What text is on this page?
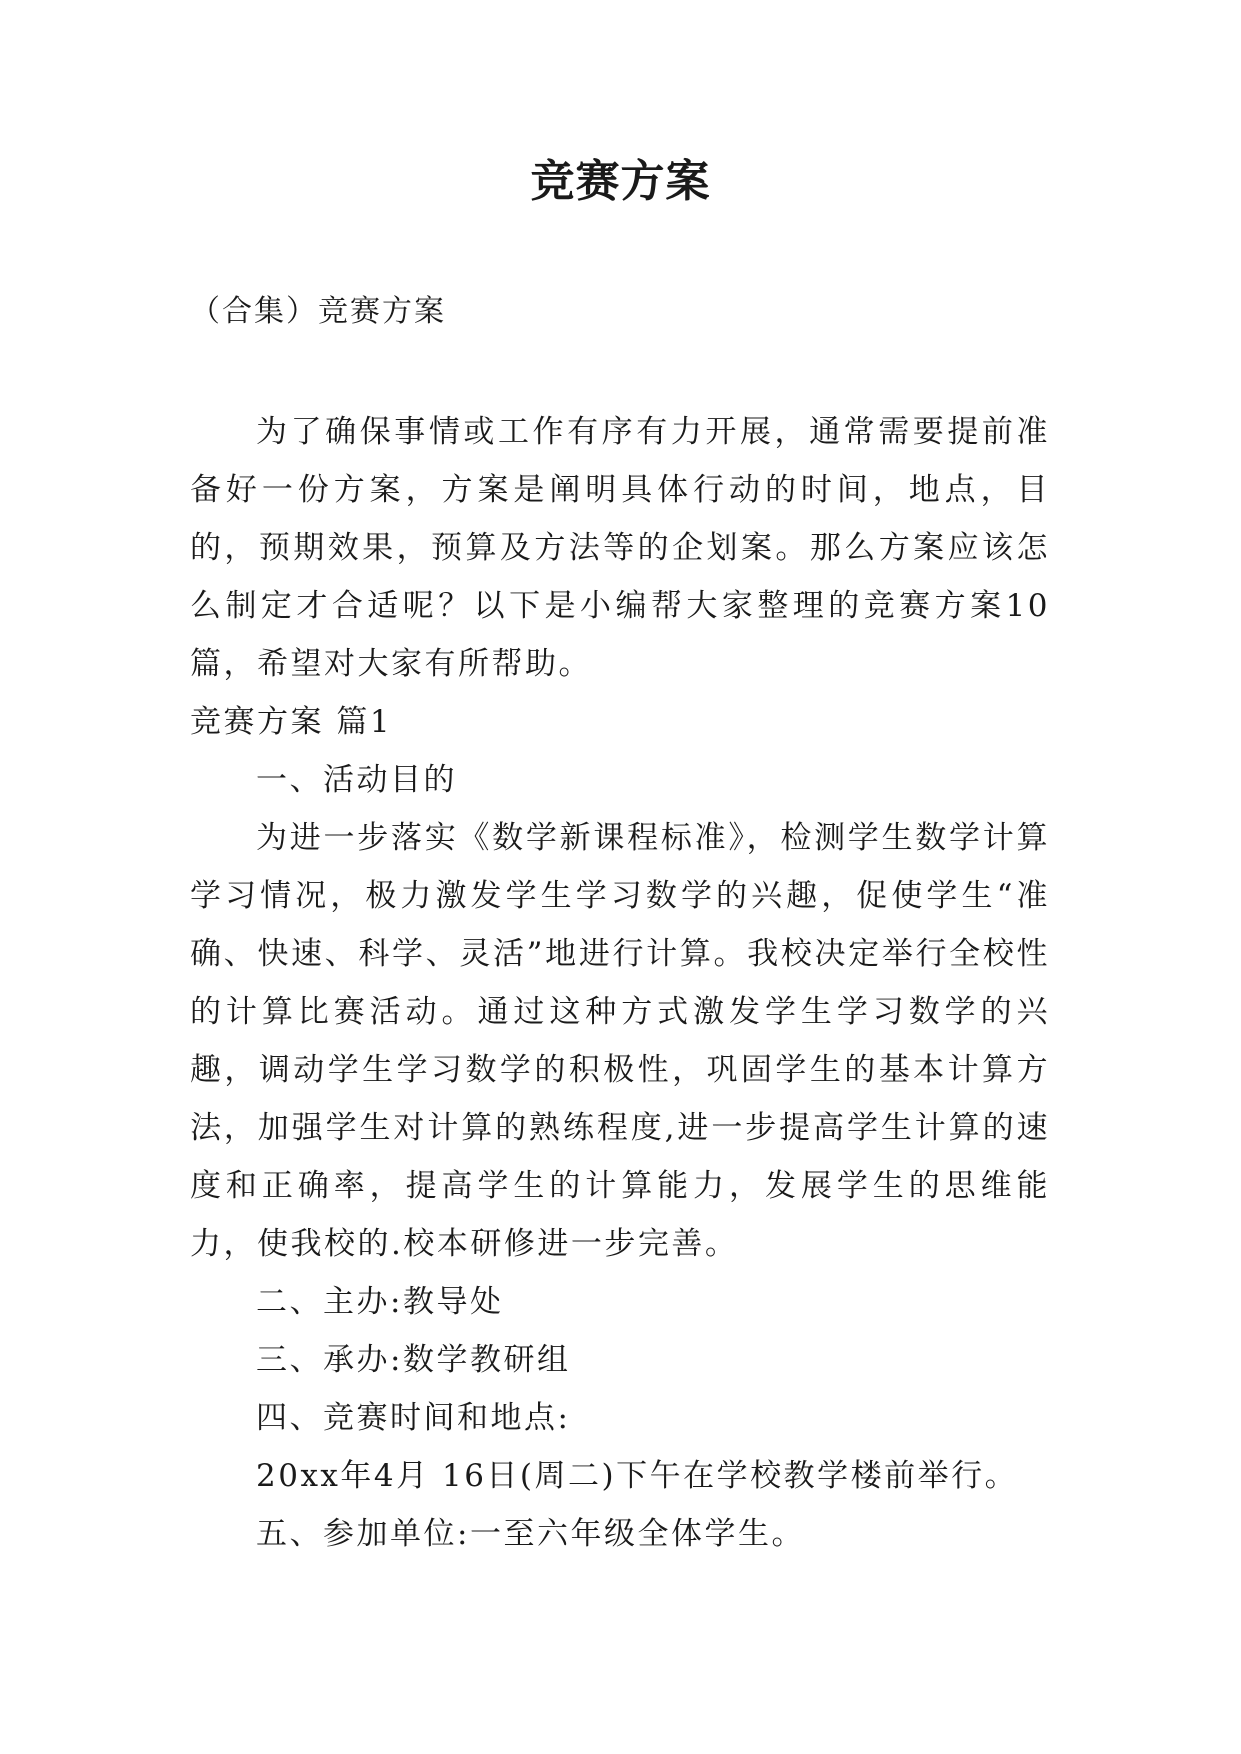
竞赛方案
（合集）竞赛方案

为了确保事情或工作有序有力开展，通常需要提前准备好一份方案，方案是阐明具体行动的时间，地点，目的，预期效果，预算及方法等的企划案。那么方案应该怎么制定才合适呢？以下是小编帮大家整理的竞赛方案10篇，希望对大家有所帮助。

竞赛方案 篇1

一、活动目的

为进一步落实《数学新课程标准》，检测学生数学计算学习情况，极力激发学生学习数学的兴趣，促使学生“准确、快速、科学、灵活”地进行计算。我校决定举行全校性的计算比赛活动。通过这种方式激发学生学习数学的兴趣，调动学生学习数学的积极性，巩固学生的基本计算方法，加强学生对计算的熟练程度,进一步提高学生计算的速度和正确率，提高学生的计算能力，发展学生的思维能力，使我校的.校本研修进一步完善。

二、主办:教导处

三、承办:数学教研组

四、竞赛时间和地点:

20xx年4月 16日(周二)下午在学校教学楼前举行。

五、参加单位:一至六年级全体学生。
